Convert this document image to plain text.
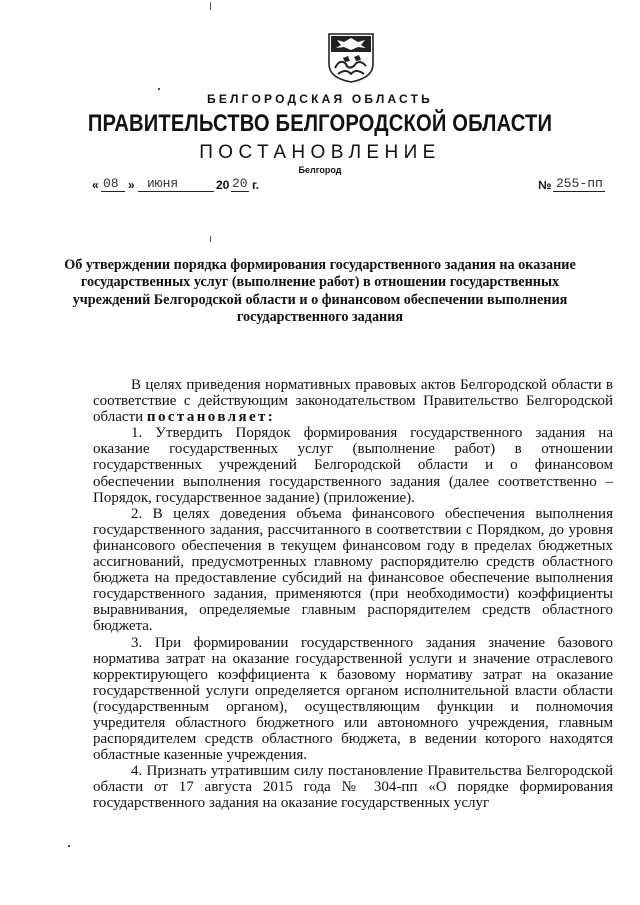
БЕЛГОРОДСКАЯ ОБЛАСТЬ
ПРАВИТЕЛЬСТВО БЕЛГОРОДСКОЙ ОБЛАСТИ
ПОСТАНОВЛЕНИЕ
Белгород
« 08 » июня	20 20 г.	№ 255-пп
Об утверждении порядка формирования государственного задания на оказание государственных услуг (выполнение работ) в отношении государственных учреждений Белгородской области и о финансовом обеспечении выполнения государственного задания

В целях приведения нормативных правовых актов Белгородской области в соответствие с действующим законодательством Правительство Белгородской области постановляет:

1. Утвердить Порядок формирования государственного задания на оказание государственных услуг (выполнение работ) в отношении государственных учреждений Белгородской области и о финансовом обеспечении выполнения государственного задания (далее соответственно – Порядок, государственное задание) (приложение).

2. В целях доведения объема финансового обеспечения выполнения государственного задания, рассчитанного в соответствии с Порядком, до уровня финансового обеспечения в текущем финансовом году в пределах бюджетных ассигнований, предусмотренных главному распорядителю средств областного бюджета на предоставление субсидий на финансовое обеспечение выполнения государственного задания, применяются (при необходимости) коэффициенты выравнивания, определяемые главным распорядителем средств областного бюджета.

3. При формировании государственного задания значение базового норматива затрат на оказание государственной услуги и значение отраслевого корректирующего коэффициента к базовому нормативу затрат на оказание государственной услуги определяется органом исполнительной власти области (государственным органом), осуществляющим функции и полномочия учредителя областного бюджетного или автономного учреждения, главным распорядителем средств областного бюджета, в ведении которого находятся областные казенные учреждения.

4. Признать утратившим силу постановление Правительства Белгородской области от 17 августа 2015 года № 304-пп «О порядке формирования государственного задания на оказание государственных услуг
